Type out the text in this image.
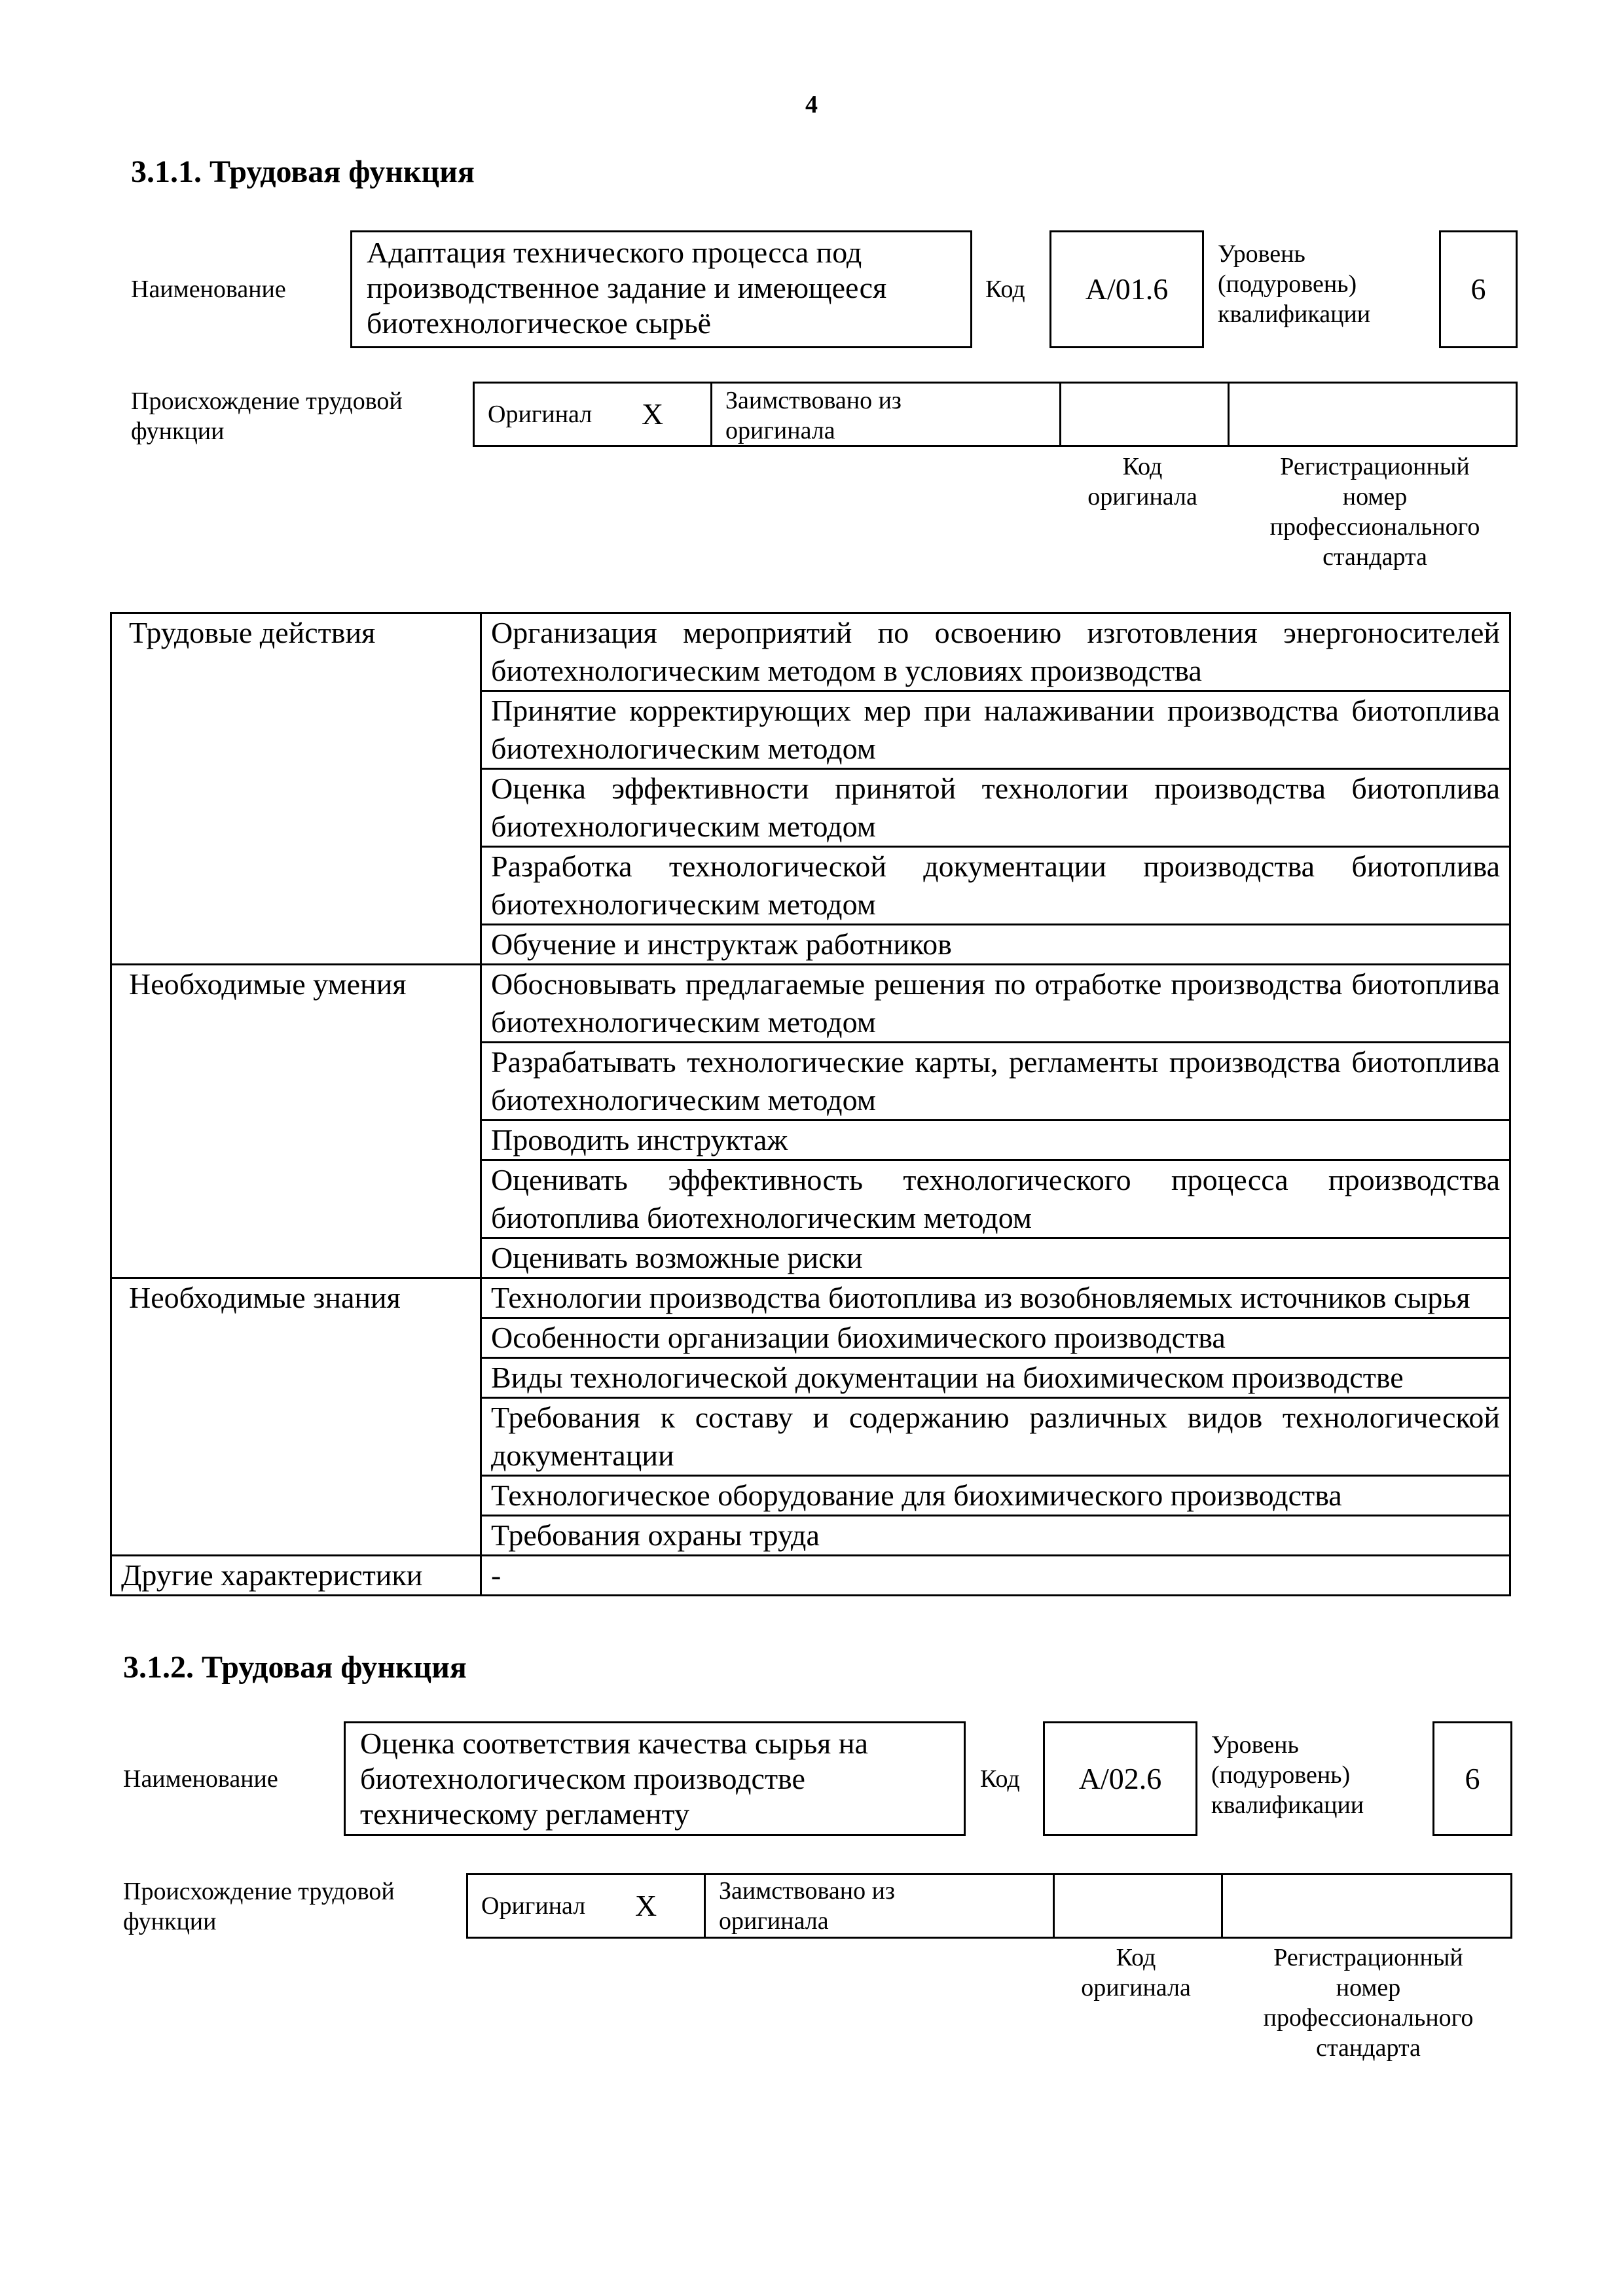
4
3.1.1. Трудовая функция
Наименование
Адаптация технического процесса под производственное задание и имеющееся биотехнологическое сырьё
Код A/01.6
Уровень (подуровень) квалификации
6
Происхождение трудовой функции
Оригинал X Заимствовано из оригинала
Код оригинала
Регистрационный номер профессионального стандарта
Трудовые действия	Организация мероприятий по освоению изготовления энергоносителей биотехнологическим методом в условиях производства
	Принятие корректирующих мер при налаживании производства биотоплива биотехнологическим методом
	Оценка эффективности принятой технологии производства биотоплива биотехнологическим методом
	Разработка технологической документации производства биотоплива биотехнологическим методом
	Обучение и инструктаж работников
Необходимые умения	Обосновывать предлагаемые решения по отработке производства биотоплива биотехнологическим методом
	Разрабатывать технологические карты, регламенты производства биотоплива биотехнологическим методом
	Проводить инструктаж
	Оценивать эффективность технологического процесса производства биотоплива биотехнологическим методом
	Оценивать возможные риски
Необходимые знания	Технологии производства биотоплива из возобновляемых источников сырья
	Особенности организации биохимического производства
	Виды технологической документации на биохимическом производстве
	Требования к составу и содержанию различных видов технологической документации
	Технологическое оборудование для биохимического производства
	Требования охраны труда
Другие характеристики	-
3.1.2. Трудовая функция
Наименование
Оценка соответствия качества сырья на биотехнологическом производстве техническому регламенту
Код A/02.6
Уровень (подуровень) квалификации
6
Происхождение трудовой функции
Оригинал X Заимствовано из оригинала
Код оригинала
Регистрационный номер профессионального стандарта
